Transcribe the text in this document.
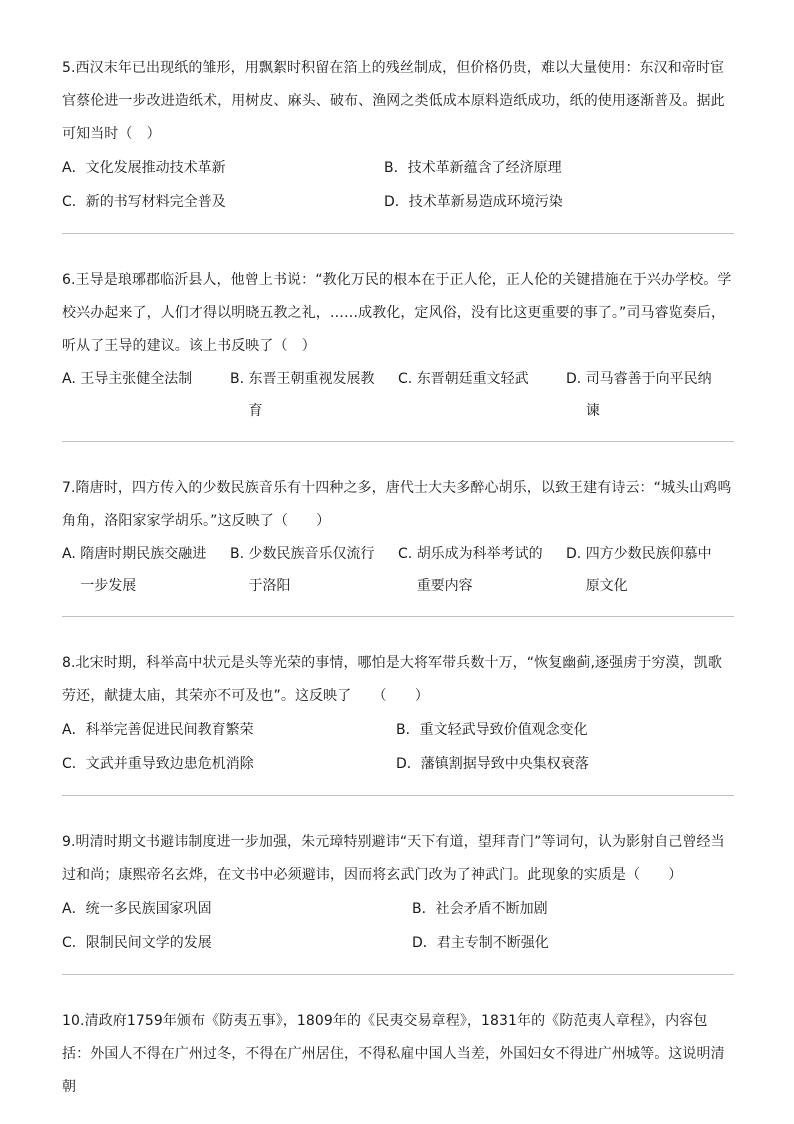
5.西汉末年已出现纸的雏形，用飘絮时积留在箔上的残丝制成，但价格仍贵，难以大量使用：东汉和帝时宦官蔡伦进一步改进造纸术，用树皮、麻头、破布、渔网之类低成本原料造纸成功，纸的使用逐渐普及。据此可知当时（　）

A．文化发展推动技术革新	B．技术革新蕴含了经济原理
C．新的书写材料完全普及	D．技术革新易造成环境污染

6.王导是琅琊郡临沂县人，他曾上书说：“教化万民的根本在于正人伦，正人伦的关键措施在于兴办学校。学校兴办起来了，人们才得以明晓五教之礼，……成教化，定风俗，没有比这更重要的事了。”司马睿览奏后，听从了王导的建议。该上书反映了（　）

A. 王导主张健全法制	B. 东晋王朝重视发展教育
C. 东晋朝廷重文轻武	D. 司马睿善于向平民纳谏

7.隋唐时，四方传入的少数民族音乐有十四种之多，唐代士大夫多醉心胡乐，以致王建有诗云：“城头山鸡鸣角角，洛阳家家学胡乐。”这反映了（　　）

A. 隋唐时期民族交融进一步发展
B. 少数民族音乐仅流行于洛阳
C. 胡乐成为科举考试的重要内容
D. 四方少数民族仰慕中原文化

8.北宋时期，科举高中状元是头等光荣的事情，哪怕是大将军带兵数十万，“恢复幽蓟,逐强虏于穷漠，凯歌劳还，献捷太庙，其荣亦不可及也”。这反映了　　（　　）

A．科举完善促进民间教育繁荣	B．重文轻武导致价值观念变化
C．文武并重导致边患危机消除	D．藩镇割据导致中央集权衰落

9.明清时期文书避讳制度进一步加强，朱元璋特别避讳“天下有道，望拜青门”等词句，认为影射自己曾经当过和尚；康熙帝名玄烨，在文书中必须避讳，因而将玄武门改为了神武门。此现象的实质是（　　）

A．统一多民族国家巩固	B．社会矛盾不断加剧
C．限制民间文学的发展	D．君主专制不断强化

10.清政府1759年颁布《防夷五事》，1809年的《民夷交易章程》，1831年的《防范夷人章程》，内容包括：外国人不得在广州过冬，不得在广州居住，不得私雇中国人当差，外国妇女不得进广州城等。这说明清朝
